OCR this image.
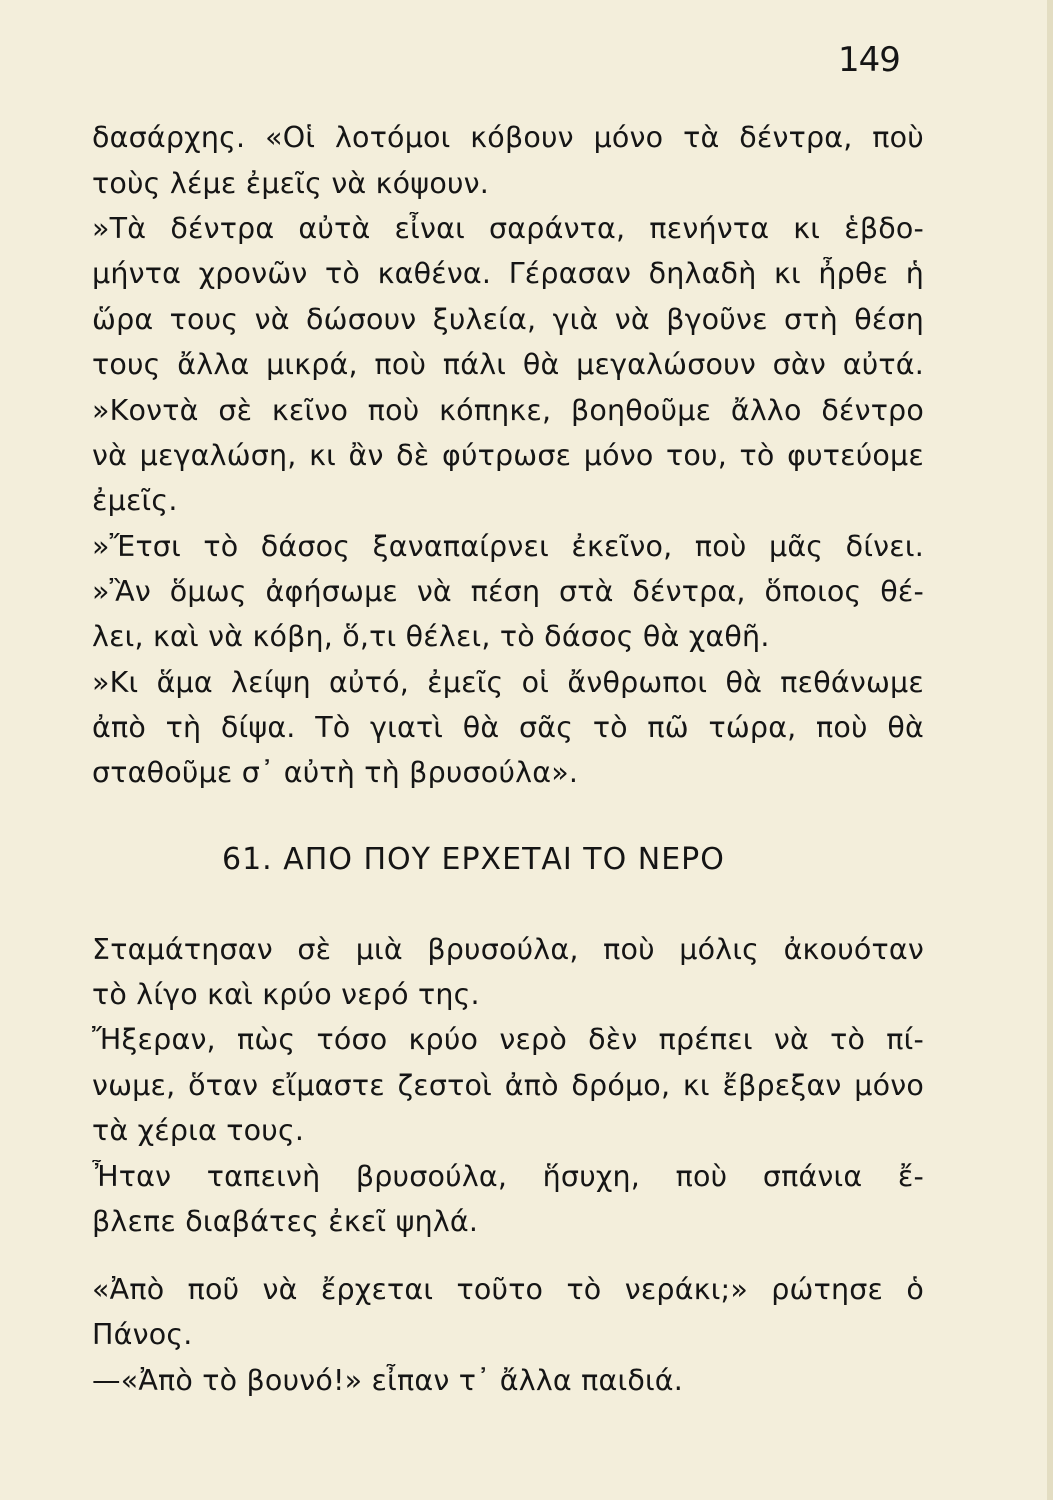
149
δασάρχης. «Οἱ λοτόμοι κόβουν μόνο τὰ δέντρα, ποὺ
τοὺς λέμε ἐμεῖς νὰ κόψουν.
»Τὰ δέντρα αὐτὰ εἶναι σαράντα, πενήντα κι ἑβδο-
μήντα χρονῶν τὸ καθένα. Γέρασαν δηλαδὴ κι ἦρθε ἡ
ὥρα τους νὰ δώσουν ξυλεία, γιὰ νὰ βγοῦνε στὴ θέση
τους ἄλλα μικρά, ποὺ πάλι θὰ μεγαλώσουν σὰν αὐτά.
»Κοντὰ σὲ κεῖνο ποὺ κόπηκε, βοηθοῦμε ἄλλο δέντρο
νὰ μεγαλώση, κι ἂν δὲ φύτρωσε μόνο του, τὸ φυτεύομε
ἐμεῖς.
»Ἔτσι τὸ δάσος ξαναπαίρνει ἐκεῖνο, ποὺ μᾶς δίνει.
»Ἂν ὅμως ἀφήσωμε νὰ πέση στὰ δέντρα, ὅποιος θέ-
λει, καὶ νὰ κόβη, ὅ,τι θέλει, τὸ δάσος θὰ χαθῆ.
»Κι ἅμα λείψη αὐτό, ἐμεῖς οἱ ἄνθρωποι θὰ πεθάνωμε
ἀπὸ τὴ δίψα. Τὸ γιατὶ θὰ σᾶς τὸ πῶ τώρα, ποὺ θὰ
σταθοῦμε σ᾿ αὐτὴ τὴ βρυσούλα».
61. ΑΠΟ ΠΟΥ ΕΡΧΕΤΑΙ ΤΟ ΝΕΡΟ
Σταμάτησαν σὲ μιὰ βρυσούλα, ποὺ μόλις ἀκουόταν
τὸ λίγο καὶ κρύο νερό της.
Ἤξεραν, πὼς τόσο κρύο νερὸ δὲν πρέπει νὰ τὸ πί-
νωμε, ὅταν εἴμαστε ζεστοὶ ἀπὸ δρόμο, κι ἔβρεξαν μόνο
τὰ χέρια τους.
Ἦταν ταπεινὴ βρυσούλα, ἥσυχη, ποὺ σπάνια ἔ-
βλεπε διαβάτες ἐκεῖ ψηλά.
«Ἀπὸ ποῦ νὰ ἔρχεται τοῦτο τὸ νεράκι;» ρώτησε ὁ
Πάνος.
—«Ἀπὸ τὸ βουνό!» εἶπαν τ᾿ ἄλλα παιδιά.
